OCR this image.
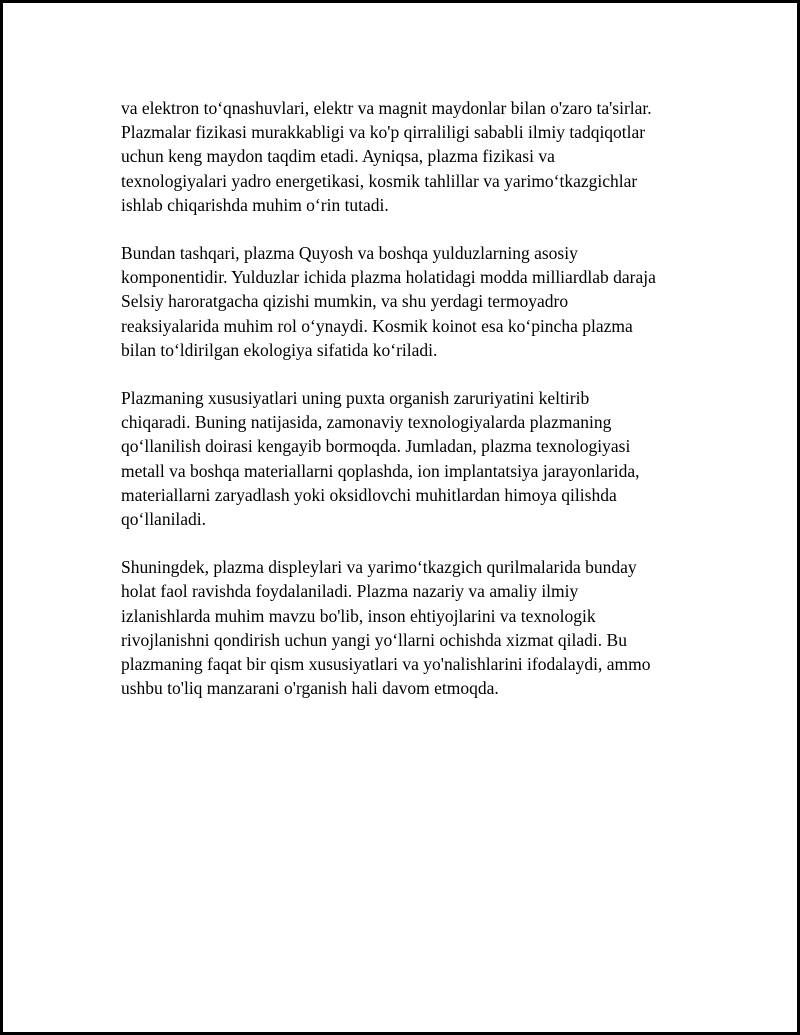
va elektron to‘qnashuvlari, elektr va magnit maydonlar bilan o'zaro ta'sirlar.
Plazmalar fizikasi murakkabligi va ko'p qirraliligi sababli ilmiy tadqiqotlar
uchun keng maydon taqdim etadi. Ayniqsa, plazma fizikasi va
texnologiyalari yadro energetikasi, kosmik tahlillar va yarimo‘tkazgichlar
ishlab chiqarishda muhim o‘rin tutadi.

Bundan tashqari, plazma Quyosh va boshqa yulduzlarning asosiy
komponentidir. Yulduzlar ichida plazma holatidagi modda milliardlab daraja
Selsiy haroratgacha qizishi mumkin, va shu yerdagi termoyadro
reaksiyalarida muhim rol o‘ynaydi. Kosmik koinot esa ko‘pincha plazma
bilan to‘ldirilgan ekologiya sifatida ko‘riladi.

Plazmaning xususiyatlari uning puxta organish zaruriyatini keltirib
chiqaradi. Buning natijasida, zamonaviy texnologiyalarda plazmaning
qo‘llanilish doirasi kengayib bormoqda. Jumladan, plazma texnologiyasi
metall va boshqa materiallarni qoplashda, ion implantatsiya jarayonlarida,
materiallarni zaryadlash yoki oksidlovchi muhitlardan himoya qilishda
qo‘llaniladi.

Shuningdek, plazma displeylari va yarimo‘tkazgich qurilmalarida bunday
holat faol ravishda foydalaniladi. Plazma nazariy va amaliy ilmiy
izlanishlarda muhim mavzu bo'lib, inson ehtiyojlarini va texnologik
rivojlanishni qondirish uchun yangi yo‘llarni ochishda xizmat qiladi. Bu
plazmaning faqat bir qism xususiyatlari va yo'nalishlarini ifodalaydi, ammo
ushbu to'liq manzarani o'rganish hali davom etmoqda.
